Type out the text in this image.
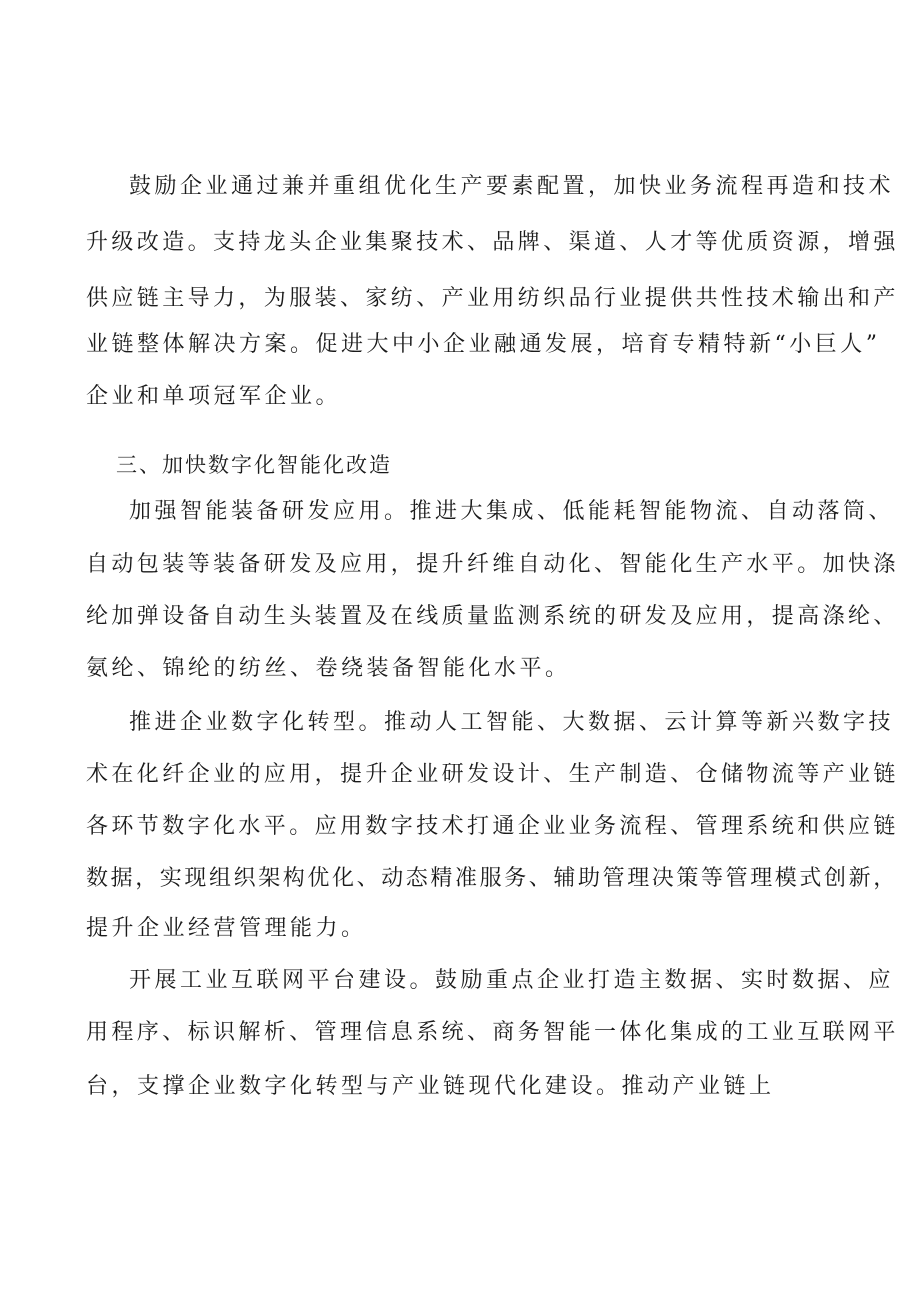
鼓励企业通过兼并重组优化生产要素配置，加快业务流程再造和技术
升级改造。支持龙头企业集聚技术、品牌、渠道、人才等优质资源，增强
供应链主导力，为服装、家纺、产业用纺织品行业提供共性技术输出和产
业链整体解决方案。促进大中小企业融通发展，培育专精特新“小巨人”
企业和单项冠军企业。
三、加快数字化智能化改造
加强智能装备研发应用。推进大集成、低能耗智能物流、自动落筒、
自动包装等装备研发及应用，提升纤维自动化、智能化生产水平。加快涤
纶加弹设备自动生头装置及在线质量监测系统的研发及应用，提高涤纶、
氨纶、锦纶的纺丝、卷绕装备智能化水平。
推进企业数字化转型。推动人工智能、大数据、云计算等新兴数字技
术在化纤企业的应用，提升企业研发设计、生产制造、仓储物流等产业链
各环节数字化水平。应用数字技术打通企业业务流程、管理系统和供应链
数据，实现组织架构优化、动态精准服务、辅助管理决策等管理模式创新，
提升企业经营管理能力。
开展工业互联网平台建设。鼓励重点企业打造主数据、实时数据、应
用程序、标识解析、管理信息系统、商务智能一体化集成的工业互联网平
台，支撑企业数字化转型与产业链现代化建设。推动产业链上
